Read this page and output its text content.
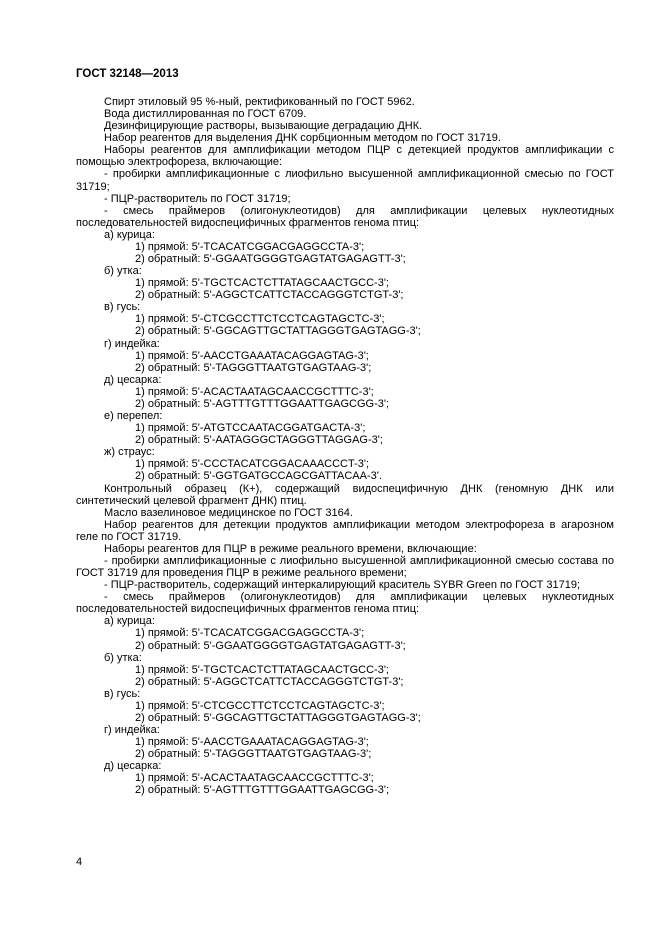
ГОСТ 32148—2013

Спирт этиловый 95 %-ный, ректификованный по ГОСТ 5962.

Вода дистиллированная по ГОСТ 6709.

Дезинфицирующие растворы, вызывающие деградацию ДНК.

Набор реагентов для выделения ДНК сорбционным методом по ГОСТ 31719.

Наборы реагентов для амплификации методом ПЦР с детекцией продуктов амплификации с помощью электрофореза, включающие:

- пробирки амплификационные с лиофильно высушенной амплификационной смесью по ГОСТ 31719;

- ПЦР-растворитель по ГОСТ 31719;

- смесь праймеров (олигонуклеотидов) для амплификации целевых нуклеотидных последовательностей видоспецифичных фрагментов генома птиц:

а) курица:

1) прямой: 5'-TCACATCGGACGAGGCCTA-3';

2) обратный: 5'-GGAATGGGGTGAGTATGAGAGTT-3';

б) утка:

1) прямой: 5'-TGCTCACTCTTATAGCAACTGCC-3';

2) обратный: 5'-AGGCTCATTCTACCAGGGTCTGT-3';

в) гусь:

1) прямой: 5'-CTCGCCTTCTCCTCAGTAGCTC-3';

2) обратный: 5'-GGCAGTTGCTATTAGGGTGAGTAGG-3';

г) индейка:

1) прямой: 5'-AACCTGAAATACAGGAGTAG-3';

2) обратный: 5'-TAGGGTTAATGTGAGTAAG-3';

д) цесарка:

1) прямой: 5'-ACACTAATAGCAACCGCTTTC-3';

2) обратный: 5'-AGTTTGTTTGGAATTGAGCGG-3';

е) перепел:

1) прямой: 5'-ATGTCCAATACGGATGACTA-3';

2) обратный: 5'-AATAGGGCTAGGGTTAGGAG-3';

ж) страус:

1) прямой: 5'-CCCTACATCGGACAAACCCT-3';

2) обратный: 5'-GGTGATGCCAGCGATTACAA-3'.

Контрольный образец (К+), содержащий видоспецифичную ДНК (геномную ДНК или синтетический целевой фрагмент ДНК) птиц.

Масло вазелиновое медицинское по ГОСТ 3164.

Набор реагентов для детекции продуктов амплификации методом электрофореза в агарозном геле по ГОСТ 31719.

Наборы реагентов для ПЦР в режиме реального времени, включающие:

- пробирки амплификационные с лиофильно высушенной амплификационной смесью состава по ГОСТ 31719 для проведения ПЦР в режиме реального времени;

- ПЦР-растворитель, содержащий интеркалирующий краситель SYBR Green по ГОСТ 31719;

- смесь праймеров (олигонуклеотидов) для амплификации целевых нуклеотидных последовательностей видоспецифичных фрагментов генома птиц:

а) курица:

1) прямой: 5'-TCACATCGGACGAGGCCTA-3';

2) обратный: 5'-GGAATGGGGTGAGTATGAGAGTT-3';

б) утка:

1) прямой: 5'-TGCTCACTCTTATAGCAACTGCC-3';

2) обратный: 5'-AGGCTCATTCTACCAGGGTCTGT-3';

в) гусь:

1) прямой: 5'-CTCGCCTTCTCCTCAGTAGCTC-3';

2) обратный: 5'-GGCAGTTGCTATTAGGGTGAGTAGG-3';

г) индейка:

1) прямой: 5'-AACCTGAAATACAGGAGTAG-3';

2) обратный: 5'-TAGGGTTAATGTGAGTAAG-3';

д) цесарка:

1) прямой: 5'-ACACTAATAGCAACCGCTTTC-3';

2) обратный: 5'-AGTTTGTTTGGAATTGAGCGG-3';

4
